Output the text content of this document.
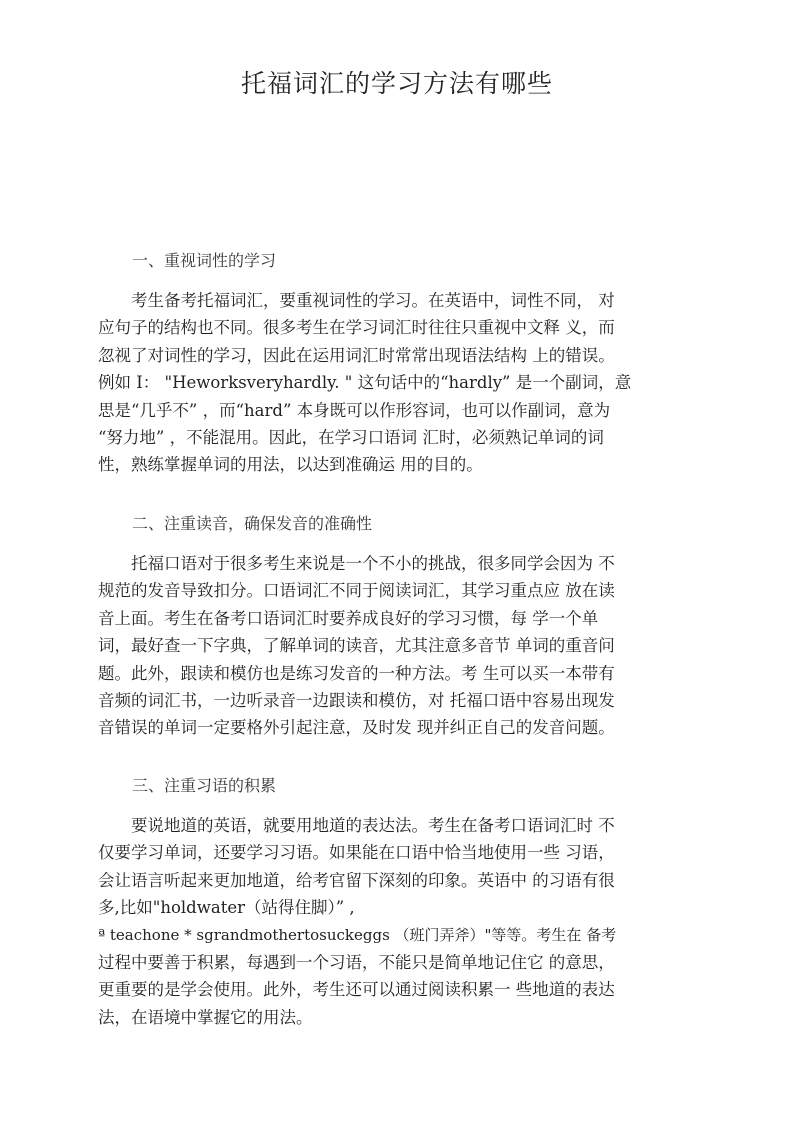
托福词汇的学习方法有哪些

一、重视词性的学习

考生备考托福词汇，要重视词性的学习。在英语中，词性不同， 对
应句子的结构也不同。很多考生在学习词汇时往往只重视中文释 义，而
忽视了对词性的学习，因此在运用词汇时常常出现语法结构 上的错误。
例如 I： "Heworksveryhardly. " 这句话中的“hardly” 是一个副词，意
思是“几乎不” ，而“hard” 本身既可以作形容词，也可以作副词，意为
“努力地” ，不能混用。因此，在学习口语词 汇时，必须熟记单词的词
性，熟练掌握单词的用法，以达到准确运 用的目的。

二、注重读音，确保发音的准确性

托福口语对于很多考生来说是一个不小的挑战，很多同学会因为 不
规范的发音导致扣分。口语词汇不同于阅读词汇，其学习重点应 放在读
音上面。考生在备考口语词汇时要养成良好的学习习惯，每 学一个单
词，最好查一下字典，了解单词的读音，尤其注意多音节 单词的重音问
题。此外，跟读和模仿也是练习发音的一种方法。考 生可以买一本带有
音频的词汇书，一边听录音一边跟读和模仿，对 托福口语中容易出现发
音错误的单词一定要格外引起注意，及时发 现并纠正自己的发音问题。

三、注重习语的积累

要说地道的英语，就要用地道的表达法。考生在备考口语词汇时 不
仅要学习单词，还要学习习语。如果能在口语中恰当地使用一些 习语，
会让语言听起来更加地道，给考官留下深刻的印象。英语中 的习语有很
多,比如"holdwater（站得住脚）” ,
ª teachone * sgrandmothertosuckeggs （班门弄斧）"等等。考生在 备考
过程中要善于积累，每遇到一个习语，不能只是简单地记住它 的意思，
更重要的是学会使用。此外，考生还可以通过阅读积累一 些地道的表达
法，在语境中掌握它的用法。
